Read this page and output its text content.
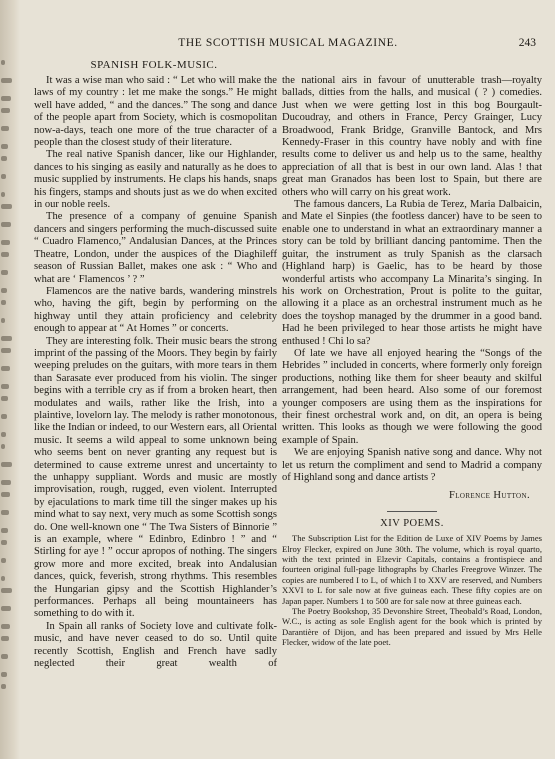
THE SCOTTISH MUSICAL MAGAZINE.	243
SPANISH FOLK-MUSIC.

It was a wise man who said : “ Let who will make the laws of my country : let me make the songs.” He might well have added, “ and the dances.” The song and dance of the people apart from Society, which is cosmopolitan now-a-days, teach one more of the true character of a people than the closest study of their literature.

The real native Spanish dancer, like our Highlander, dances to his singing as easily and naturally as he does to music supplied by instruments. He claps his hands, snaps his fingers, stamps and shouts just as we do when excited in our noble reels.

The presence of a company of genuine Spanish dancers and singers performing the much-discussed suite “ Cuadro Flamenco,” Andalusian Dances, at the Princes Theatre, London, under the auspices of the Diaghileff season of Russian Ballet, makes one ask : “ Who and what are ‘ Flamencos ’ ? ”

Flamencos are the native bards, wandering minstrels who, having the gift, begin by performing on the highway until they attain proficiency and celebrity enough to appear at “ At Homes ” or concerts.

They are interesting folk. Their music bears the strong imprint of the passing of the Moors. They begin by fairly weeping preludes on the guitars, with more tears in them than Sarasate ever produced from his violin. The singer begins with a terrible cry as if from a broken heart, then modulates and wails, rather like the Irish, into a plaintive, lovelorn lay. The melody is rather monotonous, like the Indian or indeed, to our Western ears, all Oriental music. It seems a wild appeal to some unknown being who seems bent on never granting any request but is determined to cause extreme unrest and uncertainty to the unhappy suppliant. Words and music are mostly improvisation, rough, rugged, even violent. Interrupted by ejaculations to mark time till the singer makes up his mind what to say next, very much as some Scottish songs do. One well-known one “ The Twa Sisters of Binnorie ” is an example, where “ Edinbro, Edinbro ! ” and “ Stirling for aye ! ” occur apropos of nothing. The singers grow more and more excited, break into Andalusian dances, quick, feverish, strong rhythms. This resembles the Hungarian gipsy and the Scottish Highlander’s performances. Perhaps all being mountaineers has something to do with it.

In Spain all ranks of Society love and cultivate folk-music, and have never ceased to do so. Until quite recently Scottish, English and French have sadly neglected their great wealth of

the national airs in favour of unutterable trash—royalty ballads, ditties from the halls, and musical ( ? ) comedies. Just when we were getting lost in this bog Bourgault-Ducoudray, and others in France, Percy Grainger, Lucy Broadwood, Frank Bridge, Granville Bantock, and Mrs Kennedy-Fraser in this country have nobly and with fine results come to deliver us and help us to the same, healthy appreciation of all that is best in our own land. Alas ! that great man Granados has been lost to Spain, but there are others who will carry on his great work.

The famous dancers, La Rubia de Terez, Maria Dalbaicin, and Mate el Sinpies (the footless dancer) have to be seen to enable one to understand in what an extraordinary manner a story can be told by brilliant dancing pantomime. Then the guitar, the instrument as truly Spanish as the clarsach (Highland harp) is Gaelic, has to be heard by those wonderful artists who accompany La Minarita’s singing. In his work on Orchestration, Prout is polite to the guitar, allowing it a place as an orchestral instrument much as he does the toyshop managed by the drummer in a good band. Had he been privileged to hear those artists he might have enthused ! Chi lo sa?

Of late we have all enjoyed hearing the “Songs of the Hebrides ” included in concerts, where formerly only foreign productions, nothing like them for sheer beauty and skilful arrangement, had been heard. Also some of our foremost younger composers are using them as the inspirations for their finest orchestral work and, on dit, an opera is being written. This looks as though we were following the good example of Spain.

We are enjoying Spanish native song and dance. Why not let us return the compliment and send to Madrid a company of Highland song and dance artists ?

Florence Hutton.

XIV POEMS.

The Subscription List for the Edition de Luxe of XIV Poems by James Elroy Flecker, expired on June 30th. The volume, which is royal quarto, with the text printed in Elzevir Capitals, contains a frontispiece and fourteen original full-page lithographs by Charles Freegrove Winzer. The copies are numbered I to L, of which I to XXV are reserved, and Numbers XXVI to L for sale now at five guineas each. These fifty copies are on Japan paper. Numbers 1 to 500 are for sale now at three guineas each.

The Poetry Bookshop, 35 Devonshire Street, Theobald’s Road, London, W.C., is acting as sole English agent for the book which is printed by Darantière of Dijon, and has been prepared and issued by Mrs Helle Flecker, widow of the late poet.
